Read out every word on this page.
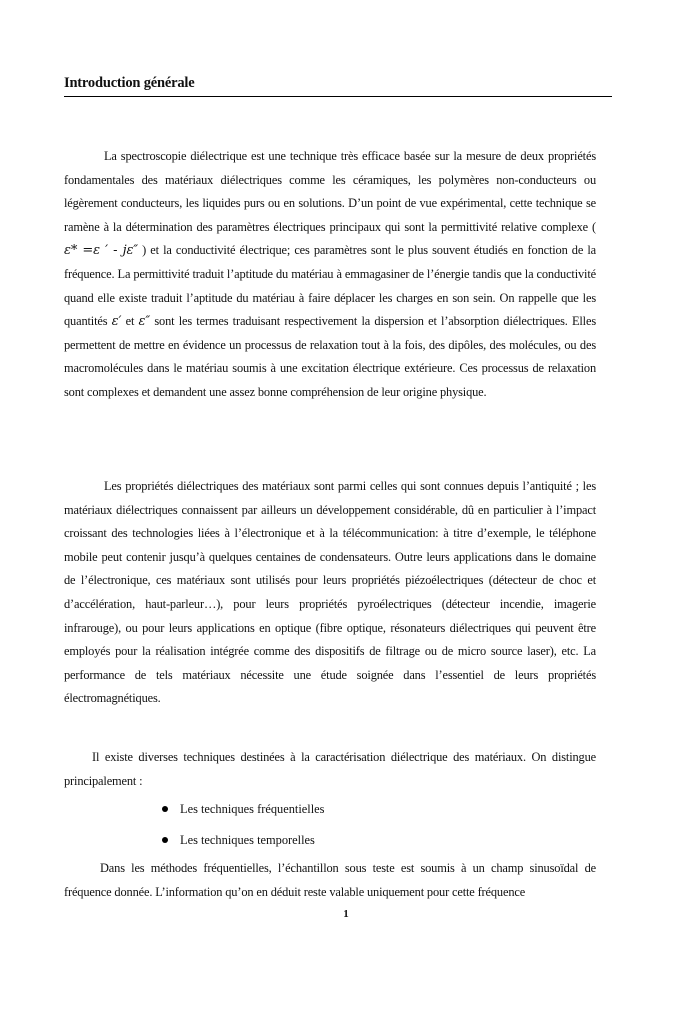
Introduction générale

La spectroscopie diélectrique est une technique très efficace basée sur la mesure de deux propriétés fondamentales des matériaux diélectriques comme les céramiques, les polymères non-conducteurs ou légèrement conducteurs, les liquides purs ou en solutions. D’un point de vue expérimental, cette technique se ramène à la détermination des paramètres électriques principaux qui sont la permittivité relative complexe ( ε* =ε ′ - jε″ ) et la conductivité électrique; ces paramètres sont le plus souvent étudiés en fonction de la fréquence. La permittivité traduit l’aptitude du matériau à emmagasiner de l’énergie tandis que la conductivité quand elle existe traduit l’aptitude du matériau à faire déplacer les charges en son sein. On rappelle que les quantités ε′ et ε″ sont les termes traduisant respectivement la dispersion et l’absorption diélectriques. Elles permettent de mettre en évidence un processus de relaxation tout à la fois, des dipôles, des molécules, ou des macromolécules dans le matériau soumis à une excitation électrique extérieure. Ces processus de relaxation sont complexes et demandent une assez bonne compréhension de leur origine physique.

Les propriétés diélectriques des matériaux sont parmi celles qui sont connues depuis l’antiquité ; les matériaux diélectriques connaissent par ailleurs un développement considérable, dû en particulier à l’impact croissant des technologies liées à l’électronique et à la télécommunication: à titre d’exemple, le téléphone mobile peut contenir jusqu’à quelques centaines de condensateurs. Outre leurs applications dans le domaine de l’électronique, ces matériaux sont utilisés pour leurs propriétés piézoélectriques (détecteur de choc et d’accélération, haut-parleur…), pour leurs propriétés pyroélectriques (détecteur incendie, imagerie infrarouge), ou pour leurs applications en optique (fibre optique, résonateurs diélectriques qui peuvent être employés pour la réalisation intégrée comme des dispositifs de filtrage ou de micro source laser), etc. La performance de tels matériaux nécessite une étude soignée dans l’essentiel de leurs propriétés électromagnétiques.

Il existe diverses techniques destinées à la caractérisation diélectrique des matériaux. On distingue principalement :

Les techniques fréquentielles
Les techniques temporelles

Dans les méthodes fréquentielles, l’échantillon sous teste est soumis à un champ sinusoïdal de fréquence donnée. L’information qu’on en déduit reste valable uniquement pour cette fréquence

1
